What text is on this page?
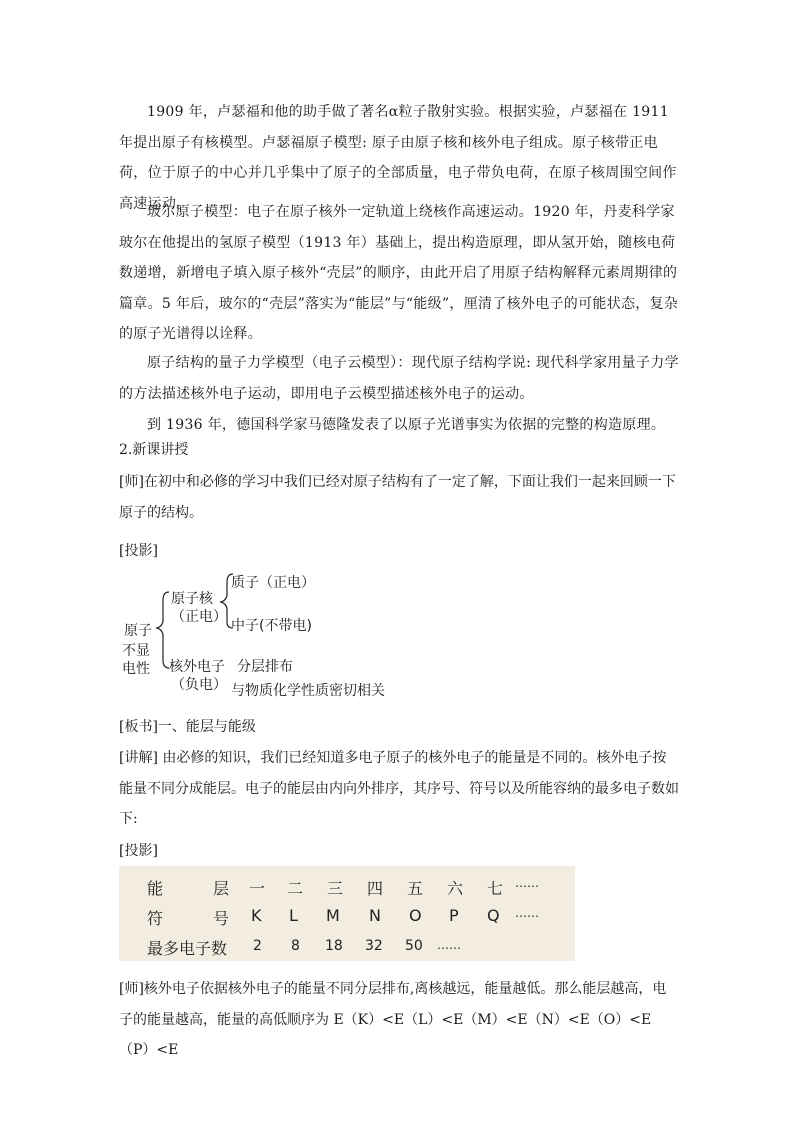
1909 年，卢瑟福和他的助手做了著名α粒子散射实验。根据实验，卢瑟福在 1911 年提出原子有核模型。卢瑟福原子模型: 原子由原子核和核外电子组成。原子核带正电荷，位于原子的中心并几乎集中了原子的全部质量，电子带负电荷，在原子核周围空间作高速运动。

玻尔原子模型：电子在原子核外一定轨道上绕核作高速运动。1920 年，丹麦科学家玻尔在他提出的氢原子模型（1913 年）基础上，提出构造原理，即从氢开始，随核电荷数递增，新增电子填入原子核外“壳层”的顺序，由此开启了用原子结构解释元素周期律的篇章。5 年后，玻尔的“壳层”落实为“能层”与“能级”，厘清了核外电子的可能状态，复杂的原子光谱得以诠释。

原子结构的量子力学模型（电子云模型）：现代原子结构学说: 现代科学家用量子力学的方法描述核外电子运动，即用电子云模型描述核外电子的运动。

到 1936 年，德国科学家马德隆发表了以原子光谱事实为依据的完整的构造原理。

2.新课讲授

[师]在初中和必修的学习中我们已经对原子结构有了一定了解，下面让我们一起来回顾一下原子的结构。

[投影]

原子
不显
电性
原子核
（正电）
质子（正电）
中子(不带电)
核外电子
（负电）
分层排布
与物质化学性质密切相关

[板书]一、能层与能级

[讲解] 由必修的知识，我们已经知道多电子原子的核外电子的能量是不同的。核外电子按能量不同分成能层。电子的能层由内向外排序，其序号、符号以及所能容纳的最多电子数如下:

[投影]

能	层 一 二 三 四 五 六 七 ……
符	号 K L M N O P Q ……
最多电子数 2 8 18 32 50 ……

[师]核外电子依据核外电子的能量不同分层排布,离核越远，能量越低。那么能层越高，电子的能量越高，能量的高低顺序为 E（K）<E（L）<E（M）<E（N）<E（O）<E（P）<E
